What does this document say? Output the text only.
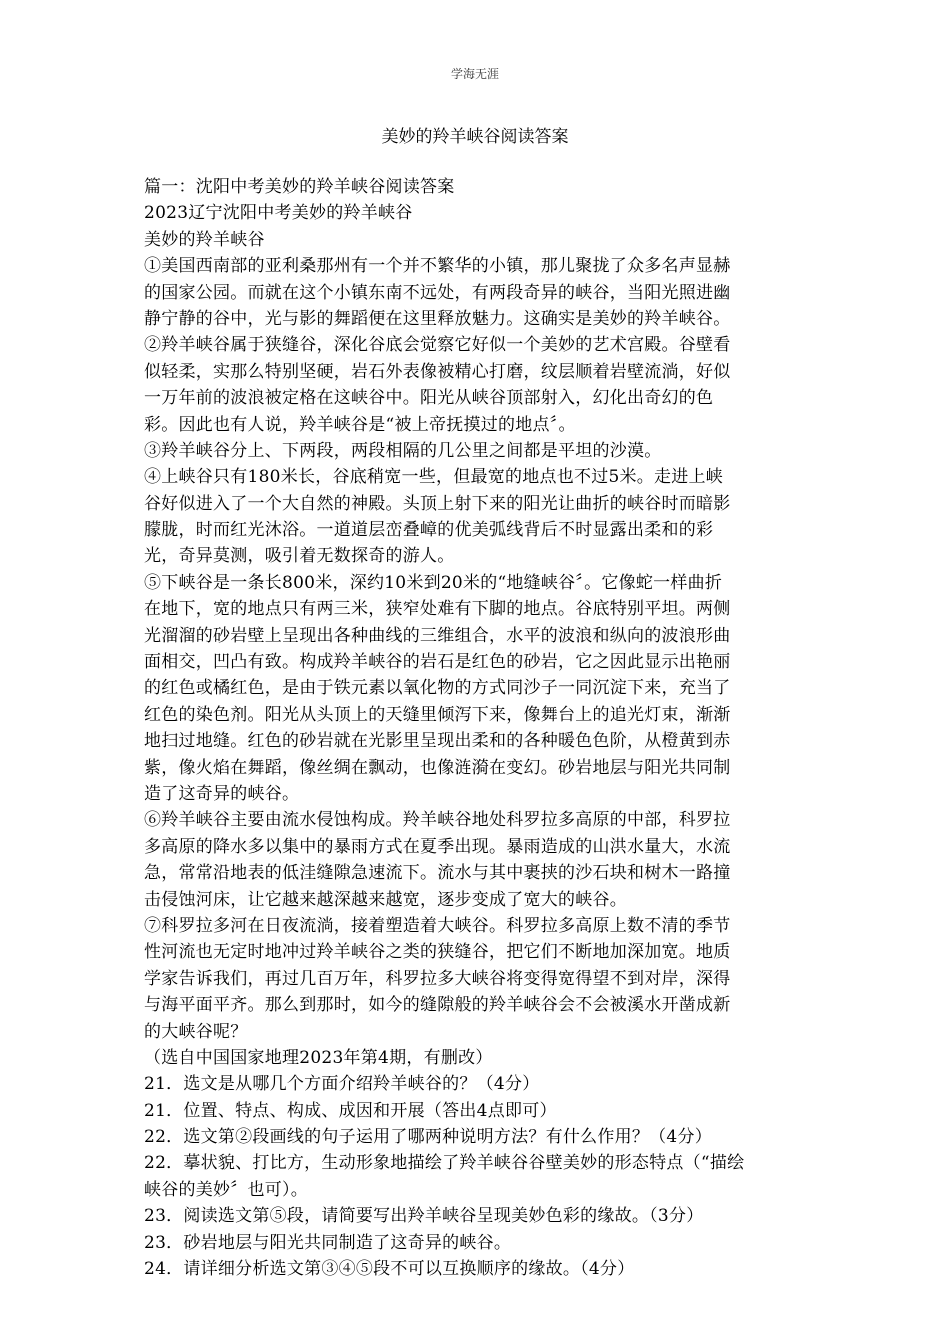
学海无涯
美妙的羚羊峡谷阅读答案
篇一：沈阳中考美妙的羚羊峡谷阅读答案
2023辽宁沈阳中考美妙的羚羊峡谷
美妙的羚羊峡谷
①美国西南部的亚利桑那州有一个并不繁华的小镇，那儿聚拢了众多名声显赫
的国家公园。而就在这个小镇东南不远处，有两段奇异的峡谷，当阳光照进幽
静宁静的谷中，光与影的舞蹈便在这里释放魅力。这确实是美妙的羚羊峡谷。
②羚羊峡谷属于狭缝谷，深化谷底会觉察它好似一个美妙的艺术宫殿。谷壁看
似轻柔，实那么特别坚硬，岩石外表像被精心打磨，纹层顺着岩壁流淌，好似
一万年前的波浪被定格在这峡谷中。阳光从峡谷顶部射入，幻化出奇幻的色
彩。因此也有人说，羚羊峡谷是“被上帝抚摸过的地点〞。
③羚羊峡谷分上、下两段，两段相隔的几公里之间都是平坦的沙漠。
④上峡谷只有180米长，谷底稍宽一些，但最宽的地点也不过5米。走进上峡
谷好似进入了一个大自然的神殿。头顶上射下来的阳光让曲折的峡谷时而暗影
朦胧，时而红光沐浴。一道道层峦叠嶂的优美弧线背后不时显露出柔和的彩
光，奇异莫测，吸引着无数探奇的游人。
⑤下峡谷是一条长800米，深约10米到20米的“地缝峡谷〞。它像蛇一样曲折
在地下，宽的地点只有两三米，狭窄处难有下脚的地点。谷底特别平坦。两侧
光溜溜的砂岩壁上呈现出各种曲线的三维组合，水平的波浪和纵向的波浪形曲
面相交，凹凸有致。构成羚羊峡谷的岩石是红色的砂岩，它之因此显示出艳丽
的红色或橘红色，是由于铁元素以氧化物的方式同沙子一同沉淀下来，充当了
红色的染色剂。阳光从头顶上的天缝里倾泻下来，像舞台上的追光灯束，渐渐
地扫过地缝。红色的砂岩就在光影里呈现出柔和的各种暖色色阶，从橙黄到赤
紫，像火焰在舞蹈，像丝绸在飘动，也像涟漪在变幻。砂岩地层与阳光共同制
造了这奇异的峡谷。
⑥羚羊峡谷主要由流水侵蚀构成。羚羊峡谷地处科罗拉多高原的中部，科罗拉
多高原的降水多以集中的暴雨方式在夏季出现。暴雨造成的山洪水量大，水流
急，常常沿地表的低洼缝隙急速流下。流水与其中裹挟的沙石块和树木一路撞
击侵蚀河床，让它越来越深越来越宽，逐步变成了宽大的峡谷。
⑦科罗拉多河在日夜流淌，接着塑造着大峡谷。科罗拉多高原上数不清的季节
性河流也无定时地冲过羚羊峡谷之类的狭缝谷，把它们不断地加深加宽。地质
学家告诉我们，再过几百万年，科罗拉多大峡谷将变得宽得望不到对岸，深得
与海平面平齐。那么到那时，如今的缝隙般的羚羊峡谷会不会被溪水开凿成新
的大峡谷呢？
（选自中国国家地理2023年第4期，有删改）
21．选文是从哪几个方面介绍羚羊峡谷的？（4分）
21．位置、特点、构成、成因和开展（答出4点即可）
22．选文第②段画线的句子运用了哪两种说明方法？有什么作用？（4分）
22．摹状貌、打比方，生动形象地描绘了羚羊峡谷谷壁美妙的形态特点（“描绘
峡谷的美妙〞也可）。
23．阅读选文第⑤段，请简要写出羚羊峡谷呈现美妙色彩的缘故。（3分）
23．砂岩地层与阳光共同制造了这奇异的峡谷。
24．请详细分析选文第③④⑤段不可以互换顺序的缘故。（4分）
